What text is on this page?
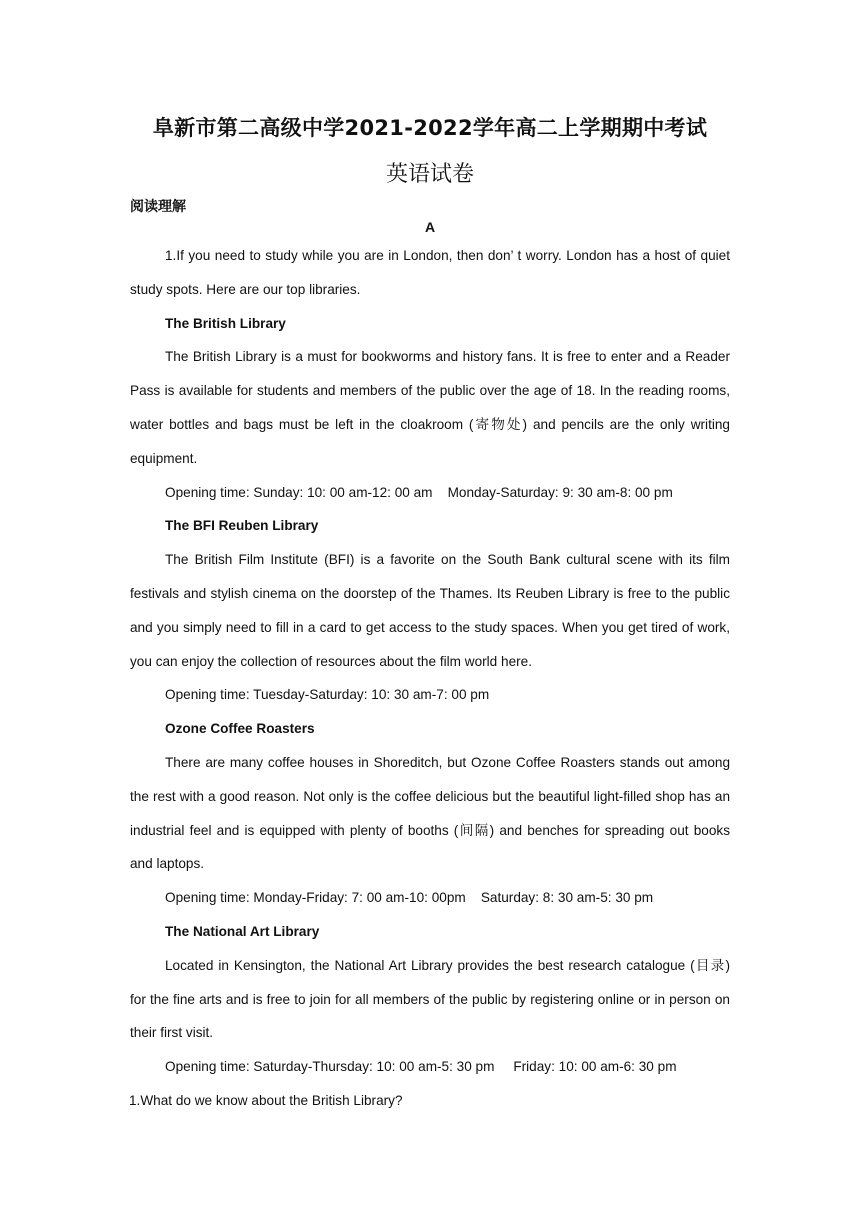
阜新市第二高级中学2021-2022学年高二上学期期中考试
英语试卷
阅读理解
A

1.If you need to study while you are in London, then don’ t worry. London has a host of quiet study spots. Here are our top libraries.

The British Library

The British Library is a must for bookworms and history fans. It is free to enter and a Reader Pass is available for students and members of the public over the age of 18. In the reading rooms, water bottles and bags must be left in the cloakroom (寄物处) and pencils are the only writing equipment.

Opening time: Sunday: 10: 00 am-12: 00 am    Monday-Saturday: 9: 30 am-8: 00 pm

The BFI Reuben Library

The British Film Institute (BFI) is a favorite on the South Bank cultural scene with its film festivals and stylish cinema on the doorstep of the Thames. Its Reuben Library is free to the public and you simply need to fill in a card to get access to the study spaces. When you get tired of work, you can enjoy the collection of resources about the film world here.

Opening time: Tuesday-Saturday: 10: 30 am-7: 00 pm

Ozone Coffee Roasters

There are many coffee houses in Shoreditch, but Ozone Coffee Roasters stands out among the rest with a good reason. Not only is the coffee delicious but the beautiful light-filled shop has an industrial feel and is equipped with plenty of booths (间隔) and benches for spreading out books and laptops.

Opening time: Monday-Friday: 7: 00 am-10: 00pm    Saturday: 8: 30 am-5: 30 pm

The National Art Library

Located in Kensington, the National Art Library provides the best research catalogue (目录) for the fine arts and is free to join for all members of the public by registering online or in person on their first visit.

Opening time: Saturday-Thursday: 10: 00 am-5: 30 pm     Friday: 10: 00 am-6: 30 pm

1.What do we know about the British Library?
